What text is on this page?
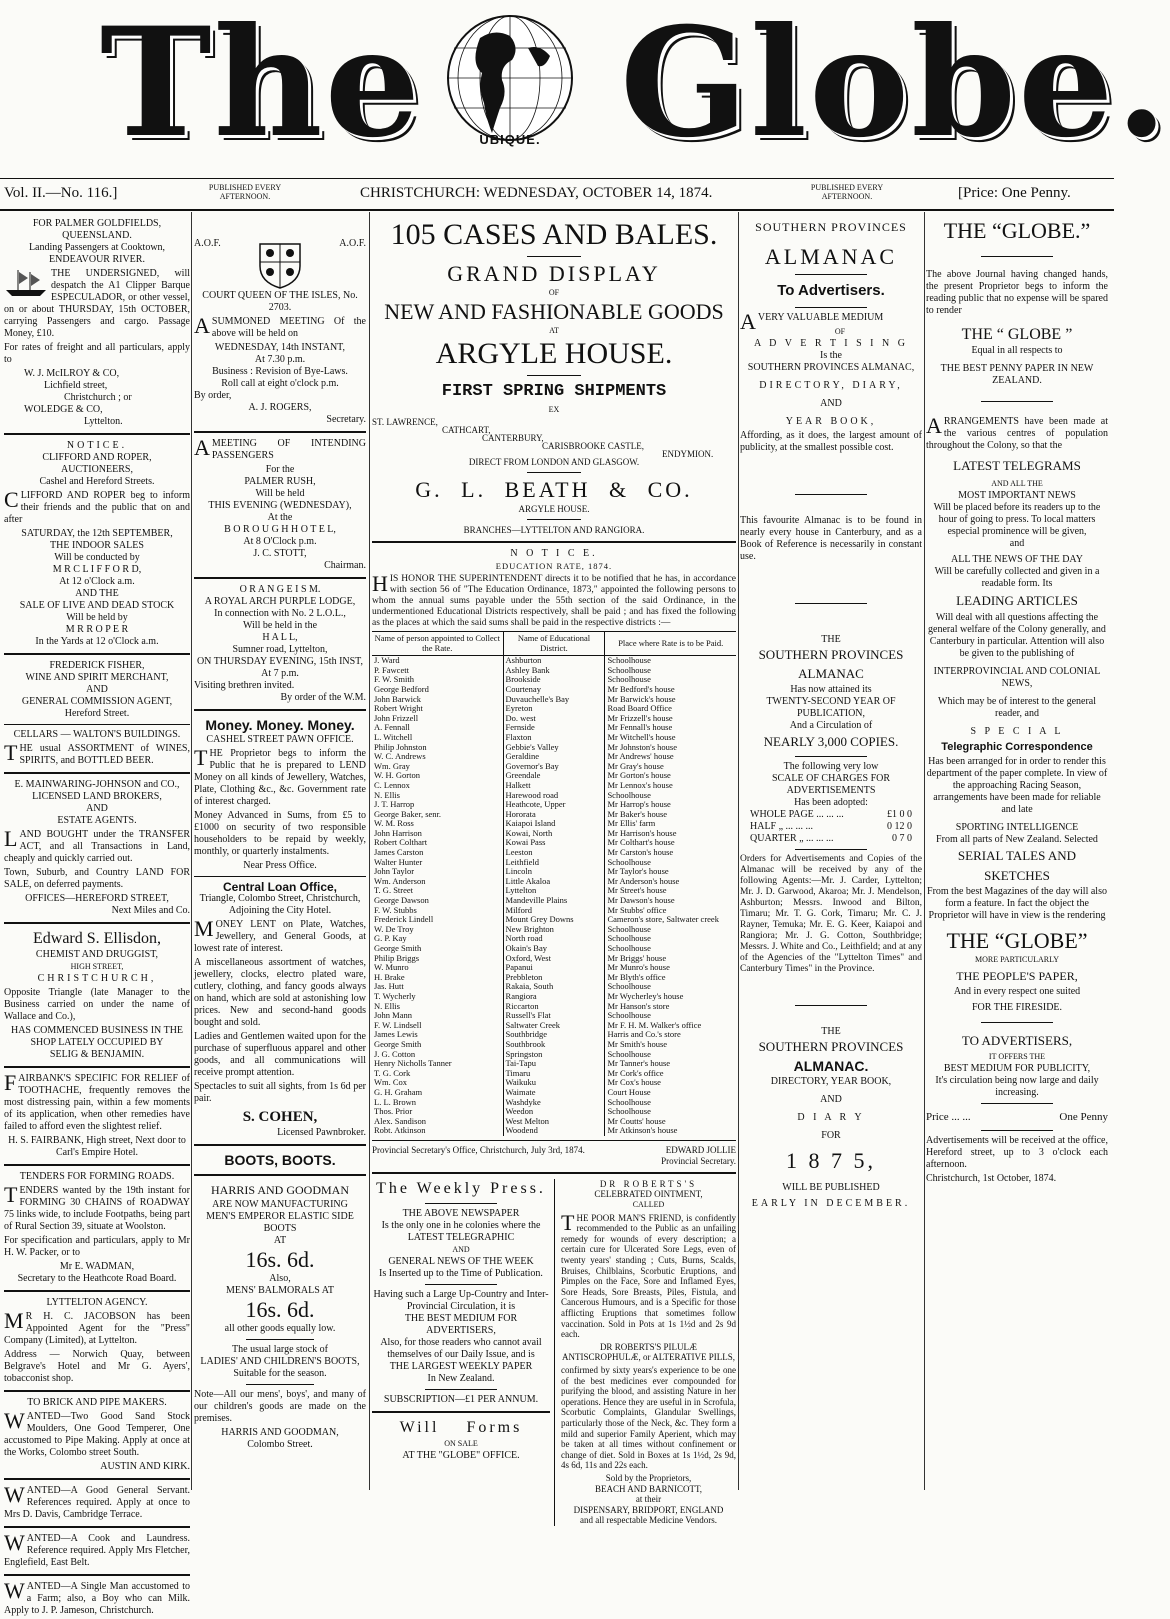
The	UBIQUE. Globe.
Vol. II.—No. 116.]	PUBLISHED EVERY AFTERNOON.	CHRISTCHURCH: WEDNESDAY, OCTOBER 14, 1874.	PUBLISHED EVERY AFTERNOON.	[Price: One Penny.
FOR PALMER GOLDFIELDS, QUEENSLAND.
Landing Passengers at Cooktown,
ENDEAVOUR RIVER.

THE UNDERSIGNED, will despatch the A1 Clipper Barque ESPECULADOR, or other vessel, on or about THURSDAY, 15th OCTOBER, carrying Passengers and cargo. Passage Money, £10.

For rates of freight and all particulars, apply to

W. J. McILROY & CO,
Lichfield street,
Christchurch ; or
WOLEDGE & CO,
Lyttelton.
NOTICE.
CLIFFORD AND ROPER,
AUCTIONEERS,
Cashel and Hereford Streets.

CLIFFORD AND ROPER beg to inform their friends and the public that on and after

SATURDAY, the 12th SEPTEMBER,
THE INDOOR SALES
Will be conducted by
M R C L I F F O R D,
At 12 o'Clock a.m.
AND THE
SALE OF LIVE AND DEAD STOCK
Will be held by
M R R O P E R
In the Yards at 12 o'Clock a.m.
FREDERICK FISHER,
WINE AND SPIRIT MERCHANT,
AND
GENERAL COMMISSION AGENT,
Hereford Street.
CELLARS — WALTON'S BUILDINGS.

THE usual ASSORTMENT of WINES, SPIRITS, and BOTTLED BEER.

E. MAINWARING-JOHNSON and CO.,
LICENSED LAND BROKERS,
AND
ESTATE AGENTS.

LAND BOUGHT under the TRANSFER ACT, and all Transactions in Land, cheaply and quickly carried out.

Town, Suburb, and Country LAND FOR SALE, on deferred payments.

OFFICES—HEREFORD STREET,
Next Miles and Co.
Edward S. Ellisdon,
CHEMIST AND DRUGGIST,
HIGH STREET,
CHRISTCHURCH,

Opposite Triangle (late Manager to the Business carried on under the name of Wallace and Co.),

HAS COMMENCED BUSINESS IN THE SHOP LATELY OCCUPIED BY
SELIG & BENJAMIN.

FAIRBANK'S SPECIFIC FOR RELIEF of TOOTHACHE, frequently removes the most distressing pain, within a few moments of its application, when other remedies have failed to afford even the slightest relief.

H. S. FAIRBANK, High street, Next door to Carl's Empire Hotel.
TENDERS FOR FORMING ROADS.

TENDERS wanted by the 19th instant for FORMING 30 CHAINS of ROADWAY 75 links wide, to include Footpaths, being part of Rural Section 39, situate at Woolston.

For specification and particulars, apply to Mr H. W. Packer, or to

Mr E. WADMAN,
Secretary to the Heathcote Road Board.
LYTTELTON AGENCY.

MR H. C. JACOBSON has been Appointed Agent for the "Press" Company (Limited), at Lyttelton.

Address — Norwich Quay, between Belgrave's Hotel and Mr G. Ayers', tobacconist shop.

TO BRICK AND PIPE MAKERS.

WANTED—Two Good Sand Stock Moulders, One Good Temperer, One accustomed to Pipe Making. Apply at once at the Works, Colombo street South.

AUSTIN AND KIRK.

WANTED—A Good General Servant. References required. Apply at once to Mrs D. Davis, Cambridge Terrace.

WANTED—A Cook and Laundress. Reference required. Apply Mrs Fletcher, Englefield, East Belt.

WANTED—A Single Man accustomed to a Farm; also, a Boy who can Milk. Apply to J. P. Jameson, Christchurch.

A.O.F.	A.O.F.
COURT QUEEN OF THE ISLES, No. 2703.

ASUMMONED MEETING Of the above will be held on

WEDNESDAY, 14th INSTANT,
At 7.30 p.m.
Business : Revision of Bye-Laws.
Roll call at eight o'clock p.m.
By order,
A. J. ROGERS,
Secretary.

AMEETING OF INTENDING PASSENGERS

For the
PALMER RUSH,
Will be held
THIS EVENING (WEDNESDAY),
At the
B O R O U G H H O T E L,
At 8 O'Clock p.m.
J. C. STOTT,
Chairman.
O R A N G E I S M.
A ROYAL ARCH PURPLE LODGE,
In connection with No. 2 L.O.L.,
Will be held in the
H A L L,
Sumner road, Lyttelton,
ON THURSDAY EVENING, 15th INST,
At 7 p.m.
Visiting brethren invited.
By order of the W.M.
Money. Money. Money.
CASHEL STREET PAWN OFFICE.

THE Proprietor begs to inform the Public that he is prepared to LEND Money on all kinds of Jewellery, Watches, Plate, Clothing &c., &c. Government rate of interest charged.

Money Advanced in Sums, from £5 to £1000 on security of two responsible householders to be repaid by weekly, monthly, or quarterly instalments.

Near Press Office.
Central Loan Office,
Triangle, Colombo Street, Christchurch,
Adjoining the City Hotel.

MONEY LENT on Plate, Watches, Jewellery, and General Goods, at lowest rate of interest.

A miscellaneous assortment of watches, jewellery, clocks, electro plated ware, cutlery, clothing, and fancy goods always on hand, which are sold at astonishing low prices. New and second-hand goods bought and sold.

Ladies and Gentlemen waited upon for the purchase of superfluous apparel and other goods, and all communications will receive prompt attention.

Spectacles to suit all sights, from 1s 6d per pair.

S. COHEN,
Licensed Pawnbroker.
BOOTS, BOOTS.
HARRIS AND GOODMAN
ARE NOW MANUFACTURING
MEN'S EMPEROR ELASTIC SIDE BOOTS
AT
16s. 6d.
Also,
MENS' BALMORALS AT
16s. 6d.
all other goods equally low.
The usual large stock of
LADIES' AND CHILDREN'S BOOTS,
Suitable for the season.

Note—All our mens', boys', and many of our children's goods are made on the premises.

HARRIS AND GOODMAN,
Colombo Street.
105 CASES AND BALES.
GRAND DISPLAY
OF
NEW AND FASHIONABLE GOODS
AT
ARGYLE HOUSE.
FIRST SPRING SHIPMENTS
EX
ST. LAWRENCE,
CATHCART,
CANTERBURY,
CARISBROOKE CASTLE,
ENDYMION.
DIRECT FROM LONDON AND GLASGOW.
G. L. BEATH & CO.
ARGYLE HOUSE.
BRANCHES—LYTTELTON AND RANGIORA.
N O T I C E.
EDUCATION RATE, 1874.

HIS HONOR THE SUPERINTENDENT directs it to be notified that he has, in accordance with section 56 of "The Education Ordinance, 1873," appointed the following persons to whom the annual sums payable under the 55th section of the said Ordinance, in the undermentioned Educational Districts respectively, shall be paid ; and has fixed the following as the places at which the said sums shall be paid in the respective districts :—

Name of person appointed to Collect the Rate.	Name of Educational District.	Place where Rate is to be Paid.
J. Ward	Ashburton	Schoolhouse
P. Fawcett	Ashley Bank	Schoolhouse
F. W. Smith	Brookside	Schoolhouse
George Bedford	Courtenay	Mr Bedford's house
John Barwick	Duvauchelle's Bay	Mr Barwick's house
Robert Wright	Eyreton	Road Board Office
John Frizzell	Do. west	Mr Frizzell's house
A. Fennall	Fernside	Mr Fennall's house
L. Witchell	Flaxton	Mr Witchell's house
Philip Johnston	Gebbie's Valley	Mr Johnston's house
W. C. Andrews	Geraldine	Mr Andrews' house
Wm. Gray	Governor's Bay	Mr Gray's house
W. H. Gorton	Greendale	Mr Gorton's house
C. Lennox	Halkett	Mr Lennox's house
N. Ellis	Harewood road	Schoolhouse
J. T. Harrop	Heathcote, Upper	Mr Harrop's house
George Baker, senr.	Hororata	Mr Baker's house
W. M. Ross	Kaiapoi Island	Mr Ellis' farm
John Harrison	Kowai, North	Mr Harrison's house
Robert Colthart	Kowai Pass	Mr Colthart's house
James Carston	Leeston	Mr Carston's house
Walter Hunter	Leithfield	Schoolhouse
John Taylor	Lincoln	Mr Taylor's house
Wm. Anderson	Little Akaloa	Mr Anderson's house
T. G. Street	Lyttelton	Mr Street's house
George Dawson	Mandeville Plains	Mr Dawson's house
F. W. Stubbs	Milford	Mr Stubbs' office
Frederick Lindell	Mount Grey Downs	Cameron's store, Saltwater creek
W. De Troy	New Brighton	Schoolhouse
G. P. Kay	North road	Schoolhouse
George Smith	Okain's Bay	Schoolhouse
Philip Briggs	Oxford, West	Mr Briggs' house
W. Munro	Papanui	Mr Munro's house
H. Brake	Prebbleton	Mr Blyth's office
Jas. Hutt	Rakaia, South	Schoolhouse
T. Wycherly	Rangiora	Mr Wycherley's house
N. Ellis	Riccarton	Mr Hanson's store
John Mann	Russell's Flat	Schoolhouse
F. W. Lindsell	Saltwater Creek	Mr F. H. M. Walker's office
James Lewis	Southbridge	Harris and Co.'s store
George Smith	Southbrook	Mr Smith's house
J. G. Cotton	Springston	Schoolhouse
Henry Nicholls Tanner	Tai-Tapu	Mr Tanner's house
T. G. Cork	Timaru	Mr Cork's office
Wm. Cox	Waikuku	Mr Cox's house
G. H. Graham	Waimate	Court House
L. L. Brown	Washdyke	Schoolhouse
Thos. Prior	Weedon	Schoolhouse
Alex. Sandison	West Melton	Mr Coutts' house
Robt. Atkinson	Woodend	Mr Atkinson's house
Provincial Secretary's Office, Christchurch, July 3rd, 1874.	EDWARD JOLLIE
Provincial Secretary.
The Weekly Press.
THE ABOVE NEWSPAPER
Is the only one in he colonies where the
LATEST TELEGRAPHIC
AND
GENERAL NEWS OF THE WEEK
Is Inserted up to the Time of Publication.
Having such a Large Up-Country and Inter-Provincial Circulation, it is
THE BEST MEDIUM FOR ADVERTISERS,
Also, for those readers who cannot avail themselves of our Daily Issue, and is
THE LARGEST WEEKLY PAPER
In New Zealand.
SUBSCRIPTION—£1 PER ANNUM.
Will Forms
ON SALE
AT THE "GLOBE" OFFICE.
DR ROBERTS'S
CELEBRATED OINTMENT,
CALLED

THE POOR MAN'S FRIEND, is confidently recommended to the Public as an unfailing remedy for wounds of every description; a certain cure for Ulcerated Sore Legs, even of twenty years' standing ; Cuts, Burns, Scalds, Bruises, Chilblains, Scorbutic Eruptions, and Pimples on the Face, Sore and Inflamed Eyes, Sore Heads, Sore Breasts, Piles, Fistula, and Cancerous Humours, and is a Specific for those afflicting Eruptions that sometimes follow vaccination. Sold in Pots at 1s 1½d and 2s 9d each.

DR ROBERTS'S PILULÆ ANTISCROPHULÆ, or ALTERATIVE PILLS,

confirmed by sixty years's experience to be one of the best medicines ever compounded for purifying the blood, and assisting Nature in her operations. Hence they are useful in in Scrofula, Scorbutic Complaints, Glandular Swellings, particularly those of the Neck, &c. They form a mild and superior Family Aperient, which may be taken at all times without confinement or change of diet. Sold in Boxes at 1s 1½d, 2s 9d, 4s 6d, 11s and 22s each.

Sold by the Proprietors,
BEACH AND BARNICOTT,
at their
DISPENSARY, BRIDPORT, ENGLAND
and all respectable Medicine Vendors.
SOUTHERN PROVINCES
ALMANAC
To Advertisers.

AVERY VALUABLE MEDIUM

OF
A D V E R T I S I N G
Is the
SOUTHERN PROVINCES ALMANAC,
DIRECTORY, DIARY,
AND
YEAR BOOK,

Affording, as it does, the largest amount of publicity, at the smallest possible cost.

This favourite Almanac is to be found in nearly every house in Canterbury, and as a Book of Reference is necessarily in constant use.

THE
SOUTHERN PROVINCES
ALMANAC
Has now attained its
TWENTY-SECOND YEAR OF
PUBLICATION,
And a Circulation of
NEARLY 3,000 COPIES.
The following very low
SCALE OF CHARGES FOR
ADVERTISEMENTS
Has been adopted:
WHOLE PAGE ... ... ...	£1 0 0
HALF „ ... ... ...	0 12 0
QUARTER „ ... ... ...	0 7 0

Orders for Advertisements and Copies of the Almanac will be received by any of the following Agents:—Mr. J. Carder, Lyttelton; Mr. J. D. Garwood, Akaroa; Mr. J. Mendelson, Ashburton; Messrs. Inwood and Bilton, Timaru; Mr. T. G. Cork, Timaru; Mr. C. J. Rayner, Temuka; Mr. E. G. Keer, Kaiapoi and Rangiora; Mr. J. G. Cotton, Southbridge; Messrs. J. White and Co., Leithfield; and at any of the Agencies of the "Lyttelton Times" and Canterbury Times" in the Province.

THE
SOUTHERN PROVINCES
ALMANAC.
DIRECTORY, YEAR BOOK,
AND
D I A R Y
FOR
1 8 7 5,
WILL BE PUBLISHED
EARLY IN DECEMBER.
THE “GLOBE.”

The above Journal having changed hands, the present Proprietor begs to inform the reading public that no expense will be spared to render

THE “ GLOBE ”
Equal in all respects to
THE BEST PENNY PAPER IN NEW ZEALAND.

ARRANGEMENTS have been made at the various centres of population throughout the Colony, so that the

LATEST TELEGRAMS
AND ALL THE
MOST IMPORTANT NEWS
Will be placed before its readers up to the hour of going to press. To local matters especial prominence will be given,
and
ALL THE NEWS OF THE DAY
Will be carefully collected and given in a readable form. Its
LEADING ARTICLES
Will deal with all questions affecting the general welfare of the Colony generally, and Canterbury in particular. Attention will also be given to the publishing of
INTERPROVINCIAL AND COLONIAL NEWS,
Which may be of interest to the general reader, and
S P E C I A L
Telegraphic Correspondence
Has been arranged for in order to render this department of the paper complete. In view of the approaching Racing Season, arrangements have been made for reliable and late
SPORTING INTELLIGENCE
From all parts of New Zealand. Selected
SERIAL TALES AND SKETCHES
From the best Magazines of the day will also form a feature. In fact the object the Proprietor will have in view is the rendering
THE “GLOBE”
MORE PARTICULARLY
THE PEOPLE'S PAPER,
And in every respect one suited
FOR THE FIRESIDE.
TO ADVERTISERS,
IT OFFERS THE
BEST MEDIUM FOR PUBLICITY,
It's circulation being now large and daily increasing.
Price ... ...	One Penny

Advertisements will be received at the office, Hereford street, up to 3 o'clock each afternoon.

Christchurch, 1st October, 1874.
